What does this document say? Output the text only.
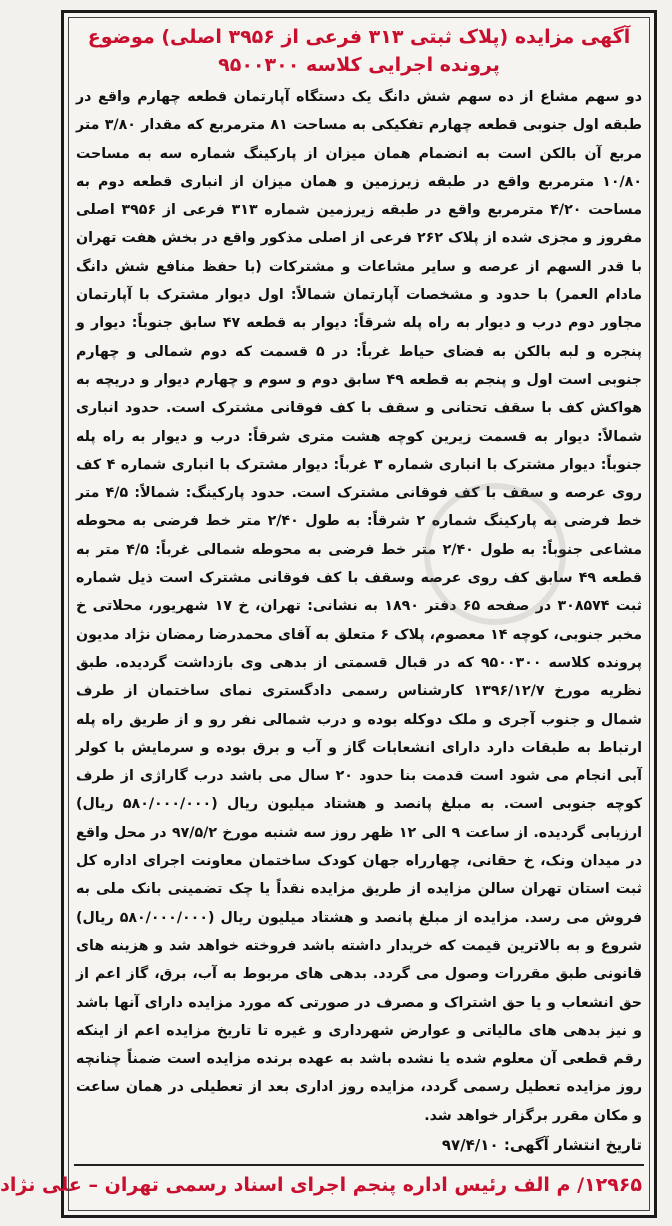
آگهی مزایده (پلاک ثبتی ۳۱۳ فرعی از ۳۹۵۶ اصلی) موضوع پرونده اجرایی کلاسه ۹۵۰۰۳۰۰
دو سهم مشاع از ده سهم شش دانگ یک دستگاه آپارتمان قطعه چهارم واقع در طبقه اول جنوبی قطعه چهارم تفکیکی به مساحت ۸۱ مترمربع که مقدار ۳/۸۰ متر مربع آن بالکن است به انضمام همان میزان از پارکینگ شماره سه به مساحت ۱۰/۸۰ مترمربع واقع در طبقه زیرزمین و همان میزان از انباری قطعه دوم به مساحت ۴/۲۰ مترمربع واقع در طبقه زیرزمین شماره ۳۱۳ فرعی از ۳۹۵۶ اصلی مفروز و مجزی شده از پلاک ۲۶۲ فرعی از اصلی مذکور واقع در بخش هفت تهران با قدر السهم از عرصه و سایر مشاعات و مشترکات (با حفظ منافع شش دانگ مادام العمر) با حدود و مشخصات آپارتمان شمالاً: اول دیوار مشترک با آپارتمان مجاور دوم درب و دیوار به راه پله شرقاً: دیوار به قطعه ۴۷ سابق جنوباً: دیوار و پنجره و لبه بالکن به فضای حیاط غرباً: در ۵ قسمت که دوم شمالی و چهارم جنوبی است اول و پنجم به قطعه ۴۹ سابق دوم و سوم و چهارم دیوار و دریچه به هواکش کف با سقف تحتانی و سقف با کف فوقانی مشترک است. حدود انباری شمالاً: دیوار به قسمت زیرین کوچه هشت متری شرقاً: درب و دیوار به راه پله جنوباً: دیوار مشترک با انباری شماره ۳ غرباً: دیوار مشترک با انباری شماره ۴ کف روی عرصه و سقف با کف فوقانی مشترک است. حدود پارکینگ: شمالاً: ۴/۵ متر خط فرضی به پارکینگ شماره ۲ شرقاً: به طول ۲/۴۰ متر خط فرضی به محوطه مشاعی جنوباً: به طول ۲/۴۰ متر خط فرضی به محوطه شمالی غرباً: ۴/۵ متر به قطعه ۴۹ سابق کف روی عرصه وسقف با کف فوقانی مشترک است ذیل شماره ثبت ۳۰۸۵۷۴ در صفحه ۶۵ دفتر ۱۸۹۰ به نشانی: تهران، خ ۱۷ شهریور، محلاتی خ مخبر جنوبی، کوچه ۱۴ معصوم، پلاک ۶ متعلق به آقای محمدرضا رمضان نژاد مدیون پرونده کلاسه ۹۵۰۰۳۰۰ که در قبال قسمتی از بدهی وی بازداشت گردیده. طبق نظریه مورخ ۱۳۹۶/۱۲/۷ کارشناس رسمی دادگستری نمای ساختمان از طرف شمال و جنوب آجری و ملک دوکله بوده و درب شمالی نفر رو و از طریق راه پله ارتباط به طبقات دارد دارای انشعابات گاز و آب و برق بوده و سرمایش با کولر آبی انجام می شود است قدمت بنا حدود ۲۰ سال می باشد درب گاراژی از طرف کوچه جنوبی است. به مبلغ پانصد و هشتاد میلیون ریال (۵۸۰/۰۰۰/۰۰۰ ریال) ارزیابی گردیده. از ساعت ۹ الی ۱۲ ظهر روز سه شنبه مورخ ۹۷/۵/۲ در محل واقع در میدان ونک، خ حقانی، چهارراه جهان کودک ساختمان معاونت اجرای اداره کل ثبت استان تهران سالن مزایده از طریق مزایده نقداً یا چک تضمینی بانک ملی به فروش می رسد. مزایده از مبلغ پانصد و هشتاد میلیون ریال (۵۸۰/۰۰۰/۰۰۰ ریال) شروع و به بالاترین قیمت که خریدار داشته باشد فروخته خواهد شد و هزینه های قانونی طبق مقررات وصول می گردد. بدهی های مربوط به آب، برق، گاز اعم از حق انشعاب و یا حق اشتراک و مصرف در صورتی که مورد مزایده دارای آنها باشد و نیز بدهی های مالیاتی و عوارض شهرداری و غیره تا تاریخ مزایده اعم از اینکه رقم قطعی آن معلوم شده یا نشده باشد به عهده برنده مزایده است ضمناً چنانچه روز مزایده تعطیل رسمی گردد، مزایده روز اداری بعد از تعطیلی در همان ساعت و مکان مقرر برگزار خواهد شد.
تاریخ انتشار آگهی: ۹۷/۴/۱۰
۱۲۹۶۵/ م الف رئیس اداره پنجم اجرای اسناد رسمی تهران – علی نژاد
